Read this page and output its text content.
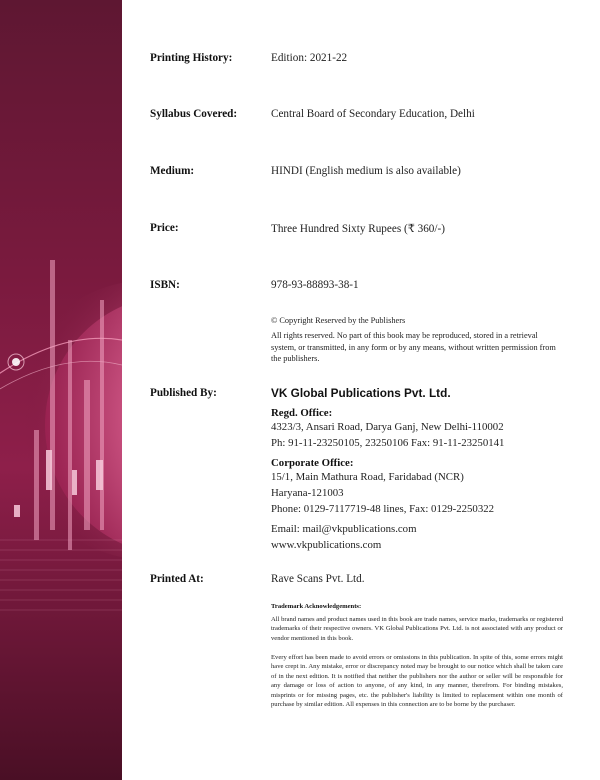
Printing History:	Edition: 2021-22
Syllabus Covered:	Central Board of Secondary Education, Delhi
Medium:	HINDI (English medium is also available)
Price:	Three Hundred Sixty Rupees (₹ 360/-)
ISBN:	978-93-88893-38-1
© Copyright Reserved by the Publishers
All rights reserved. No part of this book may be reproduced, stored in a retrieval system, or transmitted, in any form or by any means, without written permission from the publishers.
Published By:	VK Global Publications Pvt. Ltd.
Regd. Office:
4323/3, Ansari Road, Darya Ganj, New Delhi-110002
Ph: 91-11-23250105, 23250106 Fax: 91-11-23250141
Corporate Office:
15/1, Main Mathura Road, Faridabad (NCR)
Haryana-121003
Phone: 0129-7117719-48 lines, Fax: 0129-2250322
Email: mail@vkpublications.com
www.vkpublications.com
Printed At:	Rave Scans Pvt. Ltd.
Trademark Acknowledgements:
All brand names and product names used in this book are trade names, service marks, trademarks or registered trademarks of their respective owners. VK Global Publications Pvt. Ltd. is not associated with any product or vendor mentioned in this book.
Every effort has been made to avoid errors or omissions in this publication. In spite of this, some errors might have crept in. Any mistake, error or discrepancy noted may be brought to our notice which shall be taken care of in the next edition. It is notified that neither the publishers nor the author or seller will be responsible for any damage or loss of action to anyone, of any kind, in any manner, therefrom. For binding mistakes, misprints or for missing pages, etc. the publisher's liability is limited to replacement within one month of purchase by similar edition. All expenses in this connection are to be borne by the purchaser.
